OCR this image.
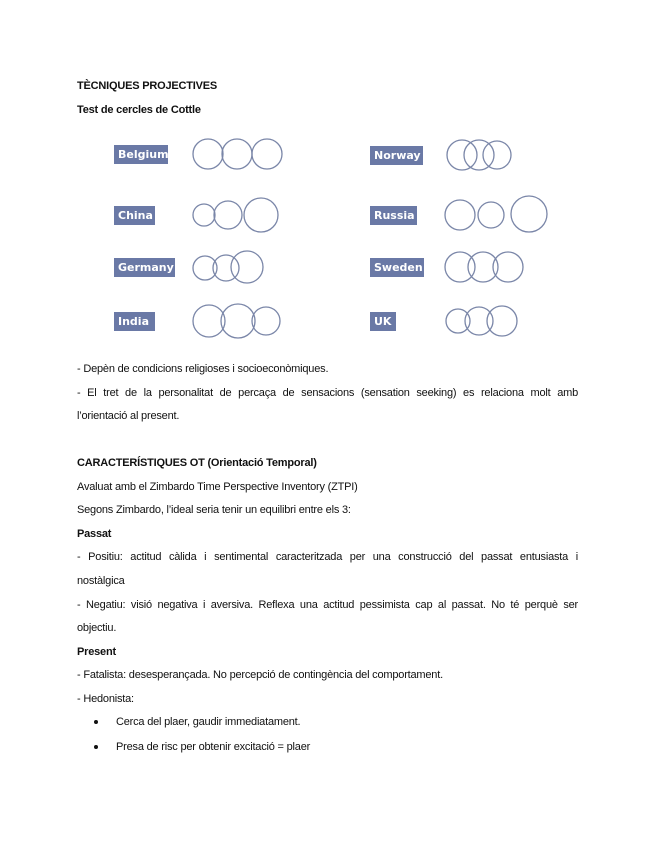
TÈCNIQUES PROJECTIVES
Test de cercles de Cottle
Belgium	Norway
China	Russia
Germany	Sweden
India	UK
- Depèn de condicions religioses i socioeconòmiques.
- El tret de la personalitat de percaça de sensacions (sensation seeking) es relaciona molt amb
l’orientació al present.
CARACTERÍSTIQUES OT (Orientació Temporal)
Avaluat amb el Zimbardo Time Perspective Inventory (ZTPI)
Segons Zimbardo, l’ideal seria tenir un equilibri entre els 3:
Passat
- Positiu: actitud càlida i sentimental caracteritzada per una construcció del passat entusiasta i
nostàlgica
- Negatiu: visió negativa i aversiva. Reflexa una actitud pessimista cap al passat. No té perquè ser
objectiu.
Present
- Fatalista: desesperançada. No percepció de contingència del comportament.
- Hedonista:
Cerca del plaer, gaudir immediatament.
Presa de risc per obtenir excitació = plaer
